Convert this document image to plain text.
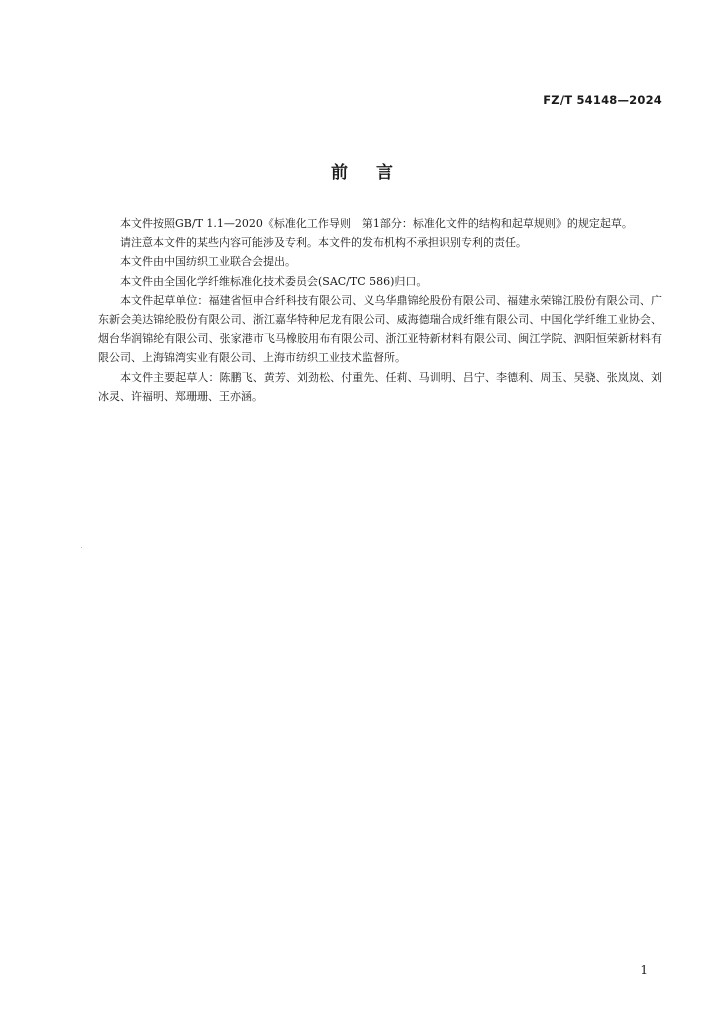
FZ/T 54148—2024
前言

本文件按照GB/T 1.1—2020《标准化工作导则　第1部分：标准化文件的结构和起草规则》的规定起草。

请注意本文件的某些内容可能涉及专利。本文件的发布机构不承担识别专利的责任。

本文件由中国纺织工业联合会提出。

本文件由全国化学纤维标准化技术委员会(SAC/TC 586)归口。

本文件起草单位：福建省恒申合纤科技有限公司、义乌华鼎锦纶股份有限公司、福建永荣锦江股份有限公司、广东新会美达锦纶股份有限公司、浙江嘉华特种尼龙有限公司、威海德瑞合成纤维有限公司、中国化学纤维工业协会、烟台华润锦纶有限公司、张家港市飞马橡胶用布有限公司、浙江亚特新材料有限公司、闽江学院、泗阳恒荣新材料有限公司、上海锦湾实业有限公司、上海市纺织工业技术监督所。

本文件主要起草人：陈鹏飞、黄芳、刘劲松、付重先、任莉、马训明、吕宁、李德利、周玉、吴骁、张岚岚、刘冰灵、许福明、郑珊珊、王亦涵。

1
